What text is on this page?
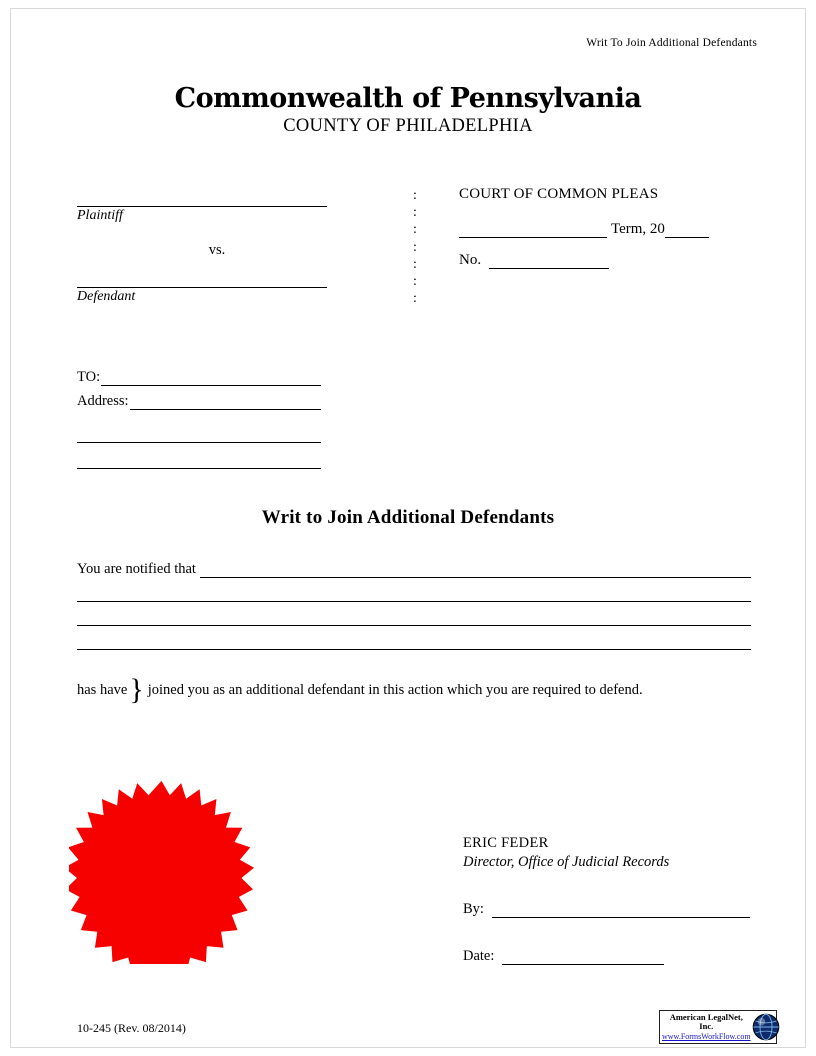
Writ To Join Additional Defendants
Commonwealth of Pennsylvania
COUNTY OF PHILADELPHIA
Plaintiff
vs.
Defendant
:
:
:
:
:
:
:
COURT OF COMMON PLEAS
Term, 20
No.
TO:
Address:
Writ to Join Additional Defendants
You are notified that
has have } joined you as an additional defendant in this action which you are required to defend.
ERIC FEDER
Director, Office of Judicial Records
By:
Date:
10-245 (Rev. 08/2014)
American LegalNet, Inc.
www.FormsWorkFlow.com
